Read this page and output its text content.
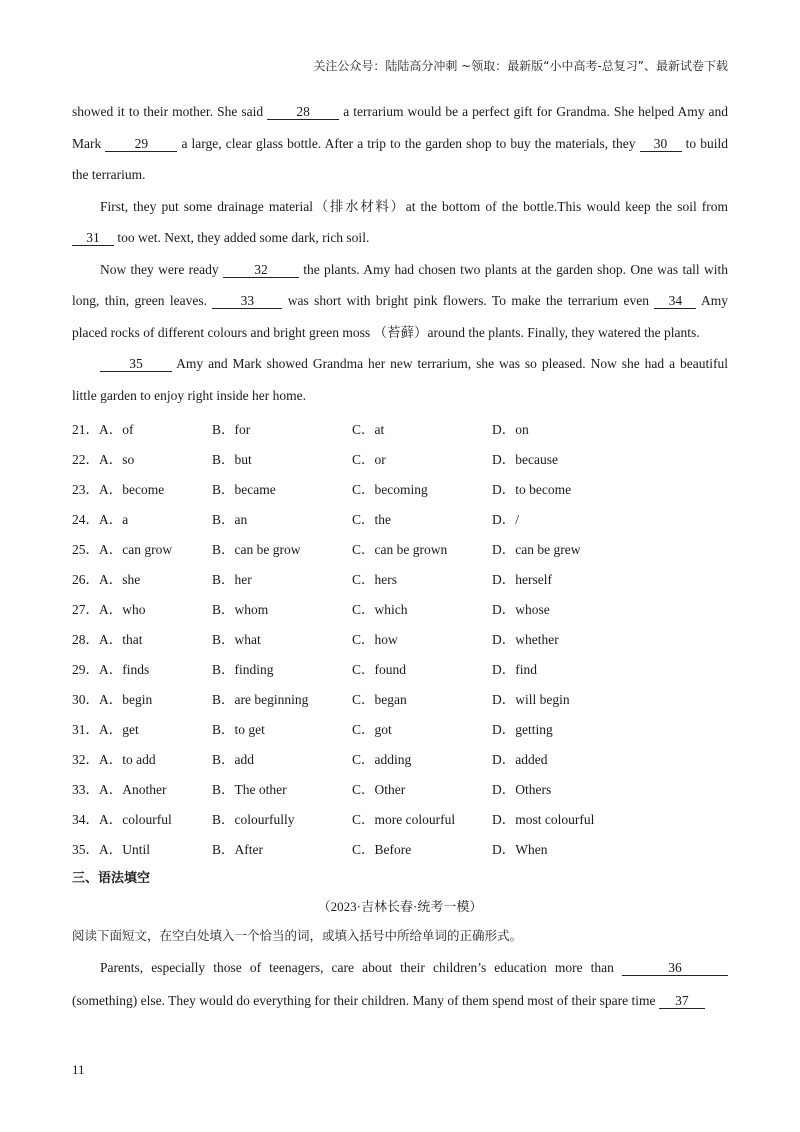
关注公众号：陆陆高分冲刺 ~领取：最新版“小中高考-总复习”、最新试卷下载

showed it to their mother. She said 28 a terrarium would be a perfect gift for Grandma. She helped Amy and Mark 29 a large, clear glass bottle. After a trip to the garden shop to buy the materials, they 30 to build the terrarium.

First, they put some drainage material（排水材料）at the bottom of the bottle.This would keep the soil from 31 too wet. Next, they added some dark, rich soil.

Now they were ready 32 the plants. Amy had chosen two plants at the garden shop. One was tall with long, thin, green leaves. 33 was short with bright pink flowers. To make the terrarium even 34 Amy placed rocks of different colours and bright green moss （苔藓）around the plants. Finally, they watered the plants.

35 Amy and Mark showed Grandma her new terrarium, she was so pleased. Now she had a beautiful little garden to enjoy right inside her home.

21．A．of	B．for	C．at	D．on
22．A．so	B．but	C．or	D．because
23．A．become	B．became	C．becoming	D．to become
24．A．a	B．an	C．the	D．/
25．A．can grow	B．can be grow	C．can be grown	D．can be grew
26．A．she	B．her	C．hers	D．herself
27．A．who	B．whom	C．which	D．whose
28．A．that	B．what	C．how	D．whether
29．A．finds	B．finding	C．found	D．find
30．A．begin	B．are beginning	C．began	D．will begin
31．A．get	B．to get	C．got	D．getting
32．A．to add	B．add	C．adding	D．added
33．A．Another	B．The other	C．Other	D．Others
34．A．colourful	B．colourfully	C．more colourful	D．most colourful
35．A．Until	B．After	C．Before	D．When
三、语法填空
（2023·吉林长春·统考一模）
阅读下面短文，在空白处填入一个恰当的词，或填入括号中所给单词的正确形式。

Parents, especially those of teenagers, care about their children’s education more than	36 (something) else. They would do everything for their children. Many of them spend most of their spare time 37

11
